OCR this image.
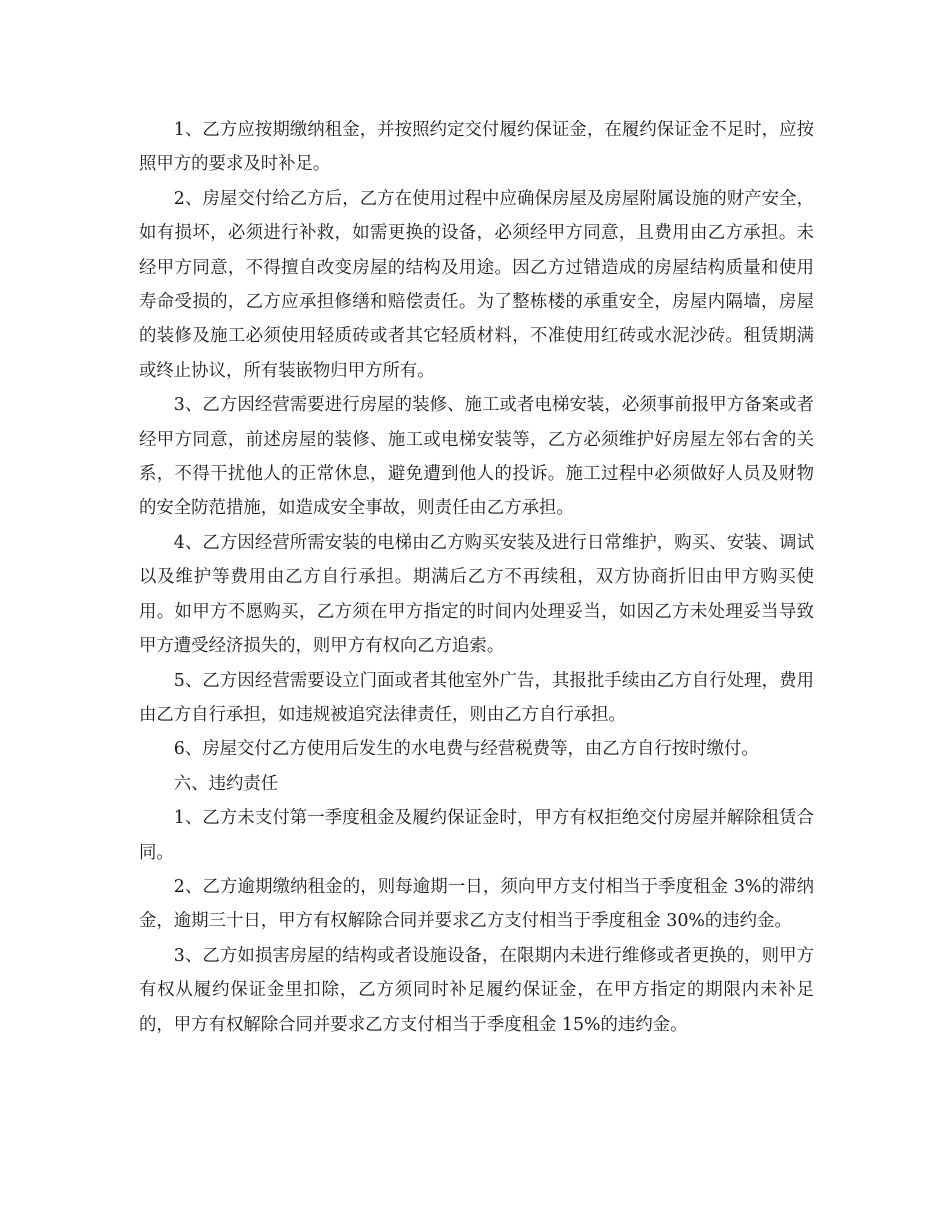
1、乙方应按期缴纳租金，并按照约定交付履约保证金，在履约保证金不足时，应按照甲方的要求及时补足。

2、房屋交付给乙方后，乙方在使用过程中应确保房屋及房屋附属设施的财产安全，如有损坏，必须进行补救，如需更换的设备，必须经甲方同意，且费用由乙方承担。未经甲方同意，不得擅自改变房屋的结构及用途。因乙方过错造成的房屋结构质量和使用寿命受损的，乙方应承担修缮和赔偿责任。为了整栋楼的承重安全，房屋内隔墙，房屋的装修及施工必须使用轻质砖或者其它轻质材料，不准使用红砖或水泥沙砖。租赁期满或终止协议，所有装嵌物归甲方所有。

3、乙方因经营需要进行房屋的装修、施工或者电梯安装，必须事前报甲方备案或者经甲方同意，前述房屋的装修、施工或电梯安装等，乙方必须维护好房屋左邻右舍的关系，不得干扰他人的正常休息，避免遭到他人的投诉。施工过程中必须做好人员及财物的安全防范措施，如造成安全事故，则责任由乙方承担。

4、乙方因经营所需安装的电梯由乙方购买安装及进行日常维护，购买、安装、调试以及维护等费用由乙方自行承担。期满后乙方不再续租，双方协商折旧由甲方购买使用。如甲方不愿购买，乙方须在甲方指定的时间内处理妥当，如因乙方未处理妥当导致甲方遭受经济损失的，则甲方有权向乙方追索。

5、乙方因经营需要设立门面或者其他室外广告，其报批手续由乙方自行处理，费用由乙方自行承担，如违规被追究法律责任，则由乙方自行承担。

6、房屋交付乙方使用后发生的水电费与经营税费等，由乙方自行按时缴付。

六、违约责任

1、乙方未支付第一季度租金及履约保证金时，甲方有权拒绝交付房屋并解除租赁合同。

2、乙方逾期缴纳租金的，则每逾期一日，须向甲方支付相当于季度租金 3%的滞纳金，逾期三十日，甲方有权解除合同并要求乙方支付相当于季度租金 30%的违约金。

3、乙方如损害房屋的结构或者设施设备，在限期内未进行维修或者更换的，则甲方有权从履约保证金里扣除，乙方须同时补足履约保证金，在甲方指定的期限内未补足的，甲方有权解除合同并要求乙方支付相当于季度租金 15%的违约金。
